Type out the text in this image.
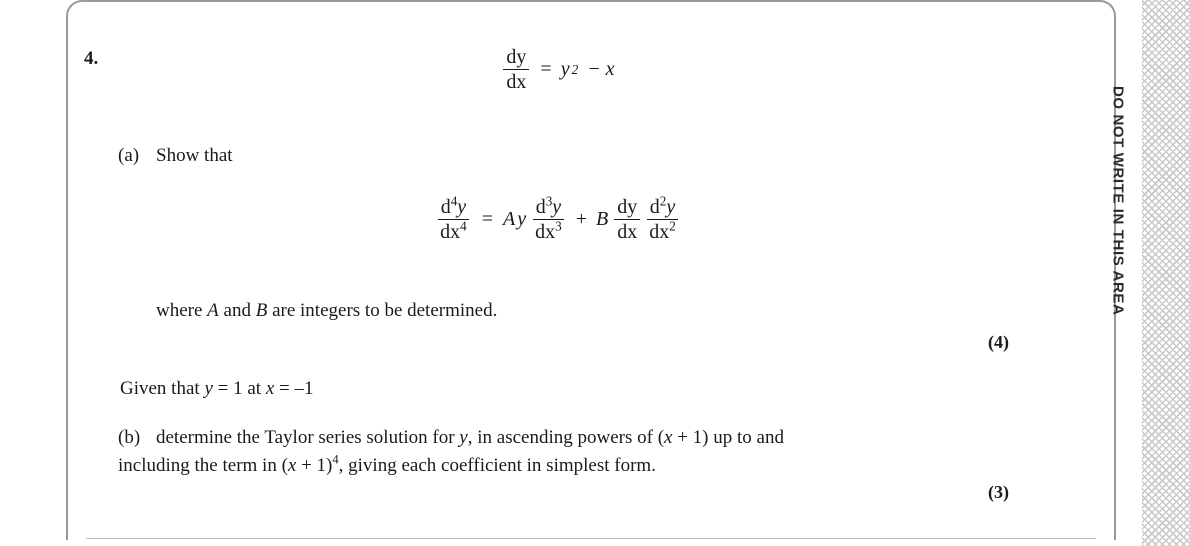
DO NOT WRITE IN THIS AREA
4.	$\frac{dy}{dx} = y$ 2 − x
(a) Show that
$\frac{d^4y}{dx^4} = A$ y $\frac{d^3y}{dx^3} + B \frac{dy}{dx} \frac{d^2y}{dx^2}$
where A and B are integers to be determined.
(4)
Given that y = 1 at x = –1
(b) determine the Taylor series solution for y, in ascending powers of (x + 1) up to and
including the term in $(x + 1)^4$, giving each coefficient in simplest form.
(3)
